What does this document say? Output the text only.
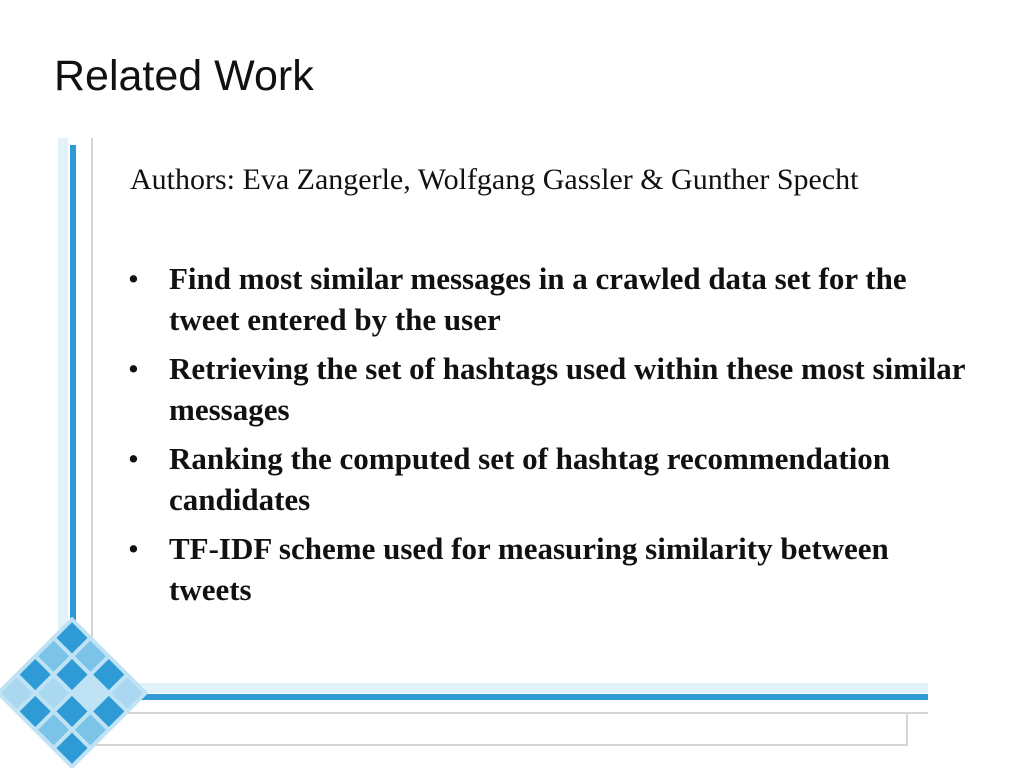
Related Work
Authors: Eva Zangerle, Wolfgang Gassler & Gunther Specht
• Find most similar messages in a crawled data set for the tweet entered by the user
• Retrieving the set of hashtags used within these most similar messages
• Ranking the computed set of hashtag recommendation candidates
• TF-IDF scheme used for measuring similarity between tweets
